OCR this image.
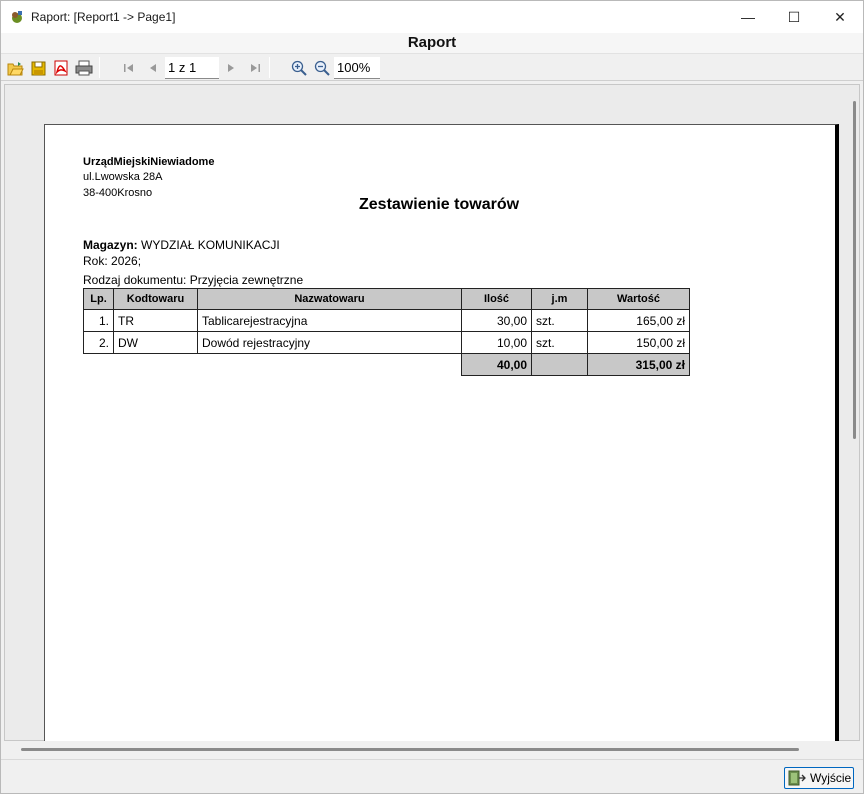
Raport: [Report1 -> Page1]	— ☐ ✕
Raport
1 z 1	100%
UrządMiejskiNiewiadome
ul.Lwowska 28A
38-400Krosno
Zestawienie towarów
Magazyn: WYDZIAŁ KOMUNIKACJI
Rok: 2026;
Rodzaj dokumentu: Przyjęcia zewnętrzne
Lp.	Kodtowaru	Nazwatowaru	Ilość	j.m	Wartość
1.	TR	Tablicarejestracyjna	30,00	szt.	165,00 zł
2.	DW	Dowód rejestracyjny	10,00	szt.	150,00 zł
			40,00		315,00 zł
Wyjście
